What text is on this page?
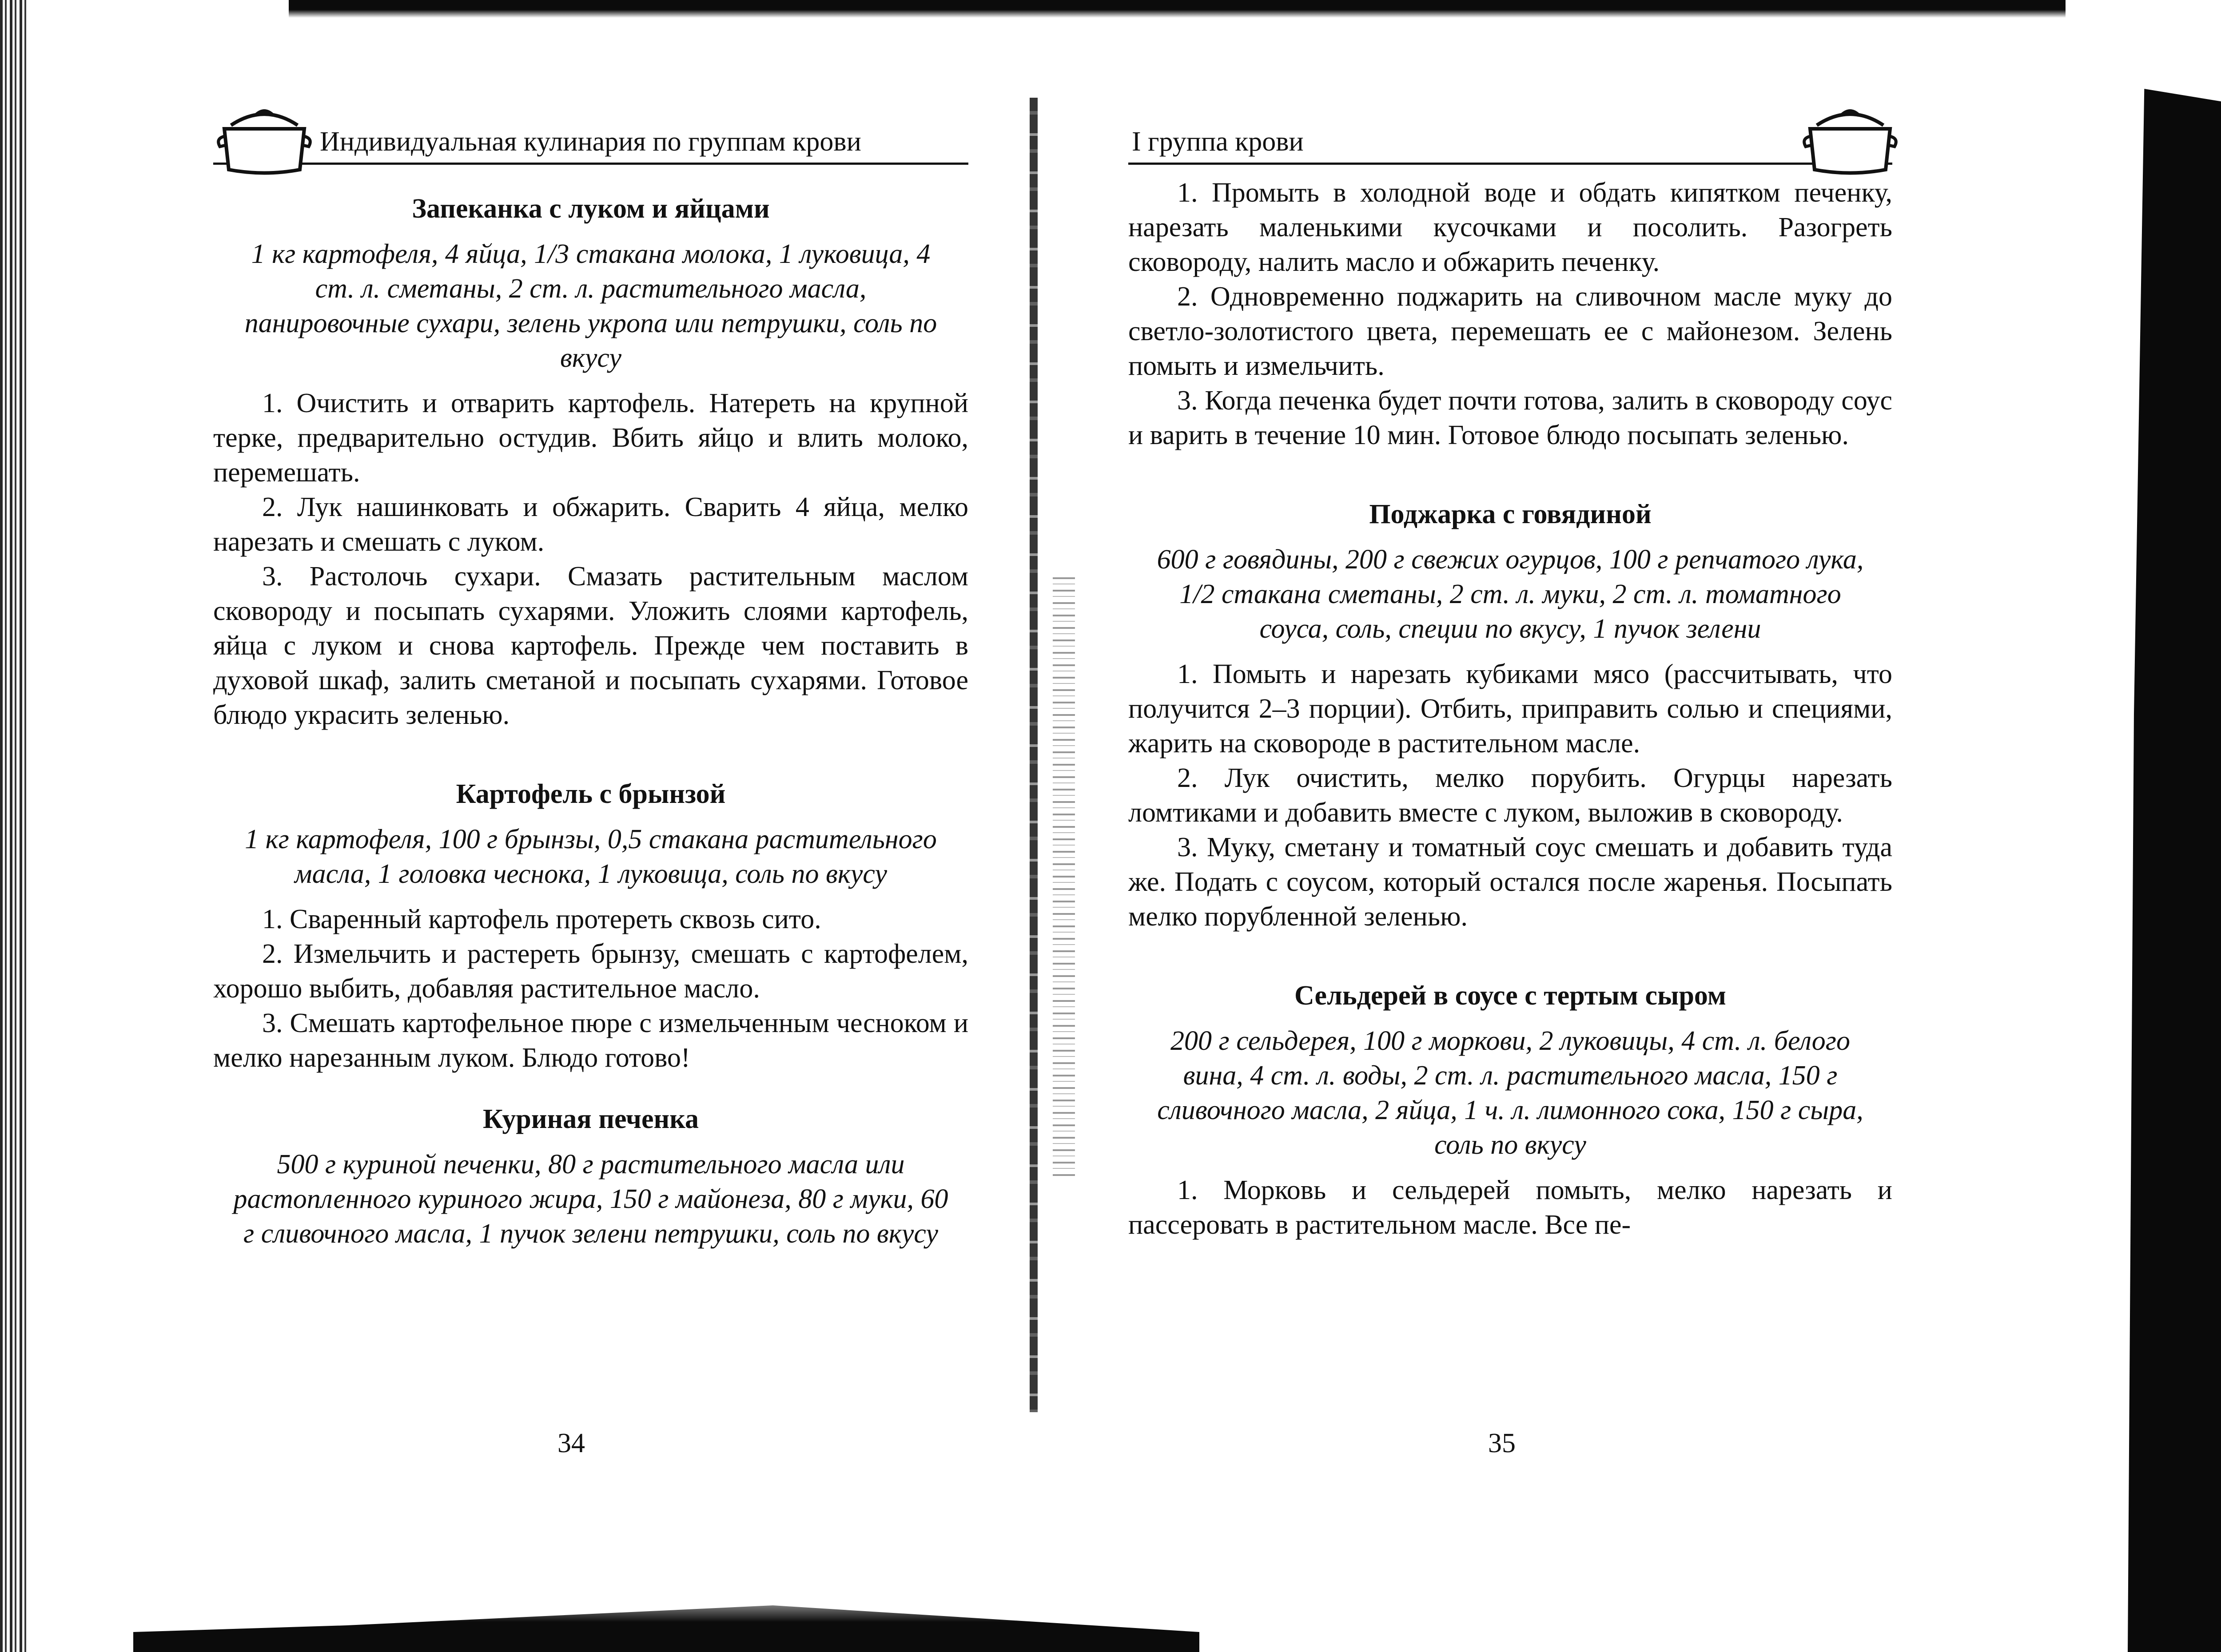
Индивидуальная кулинария по группам крови
Запеканка с луком и яйцами
1 кг картофеля, 4 яйца, 1/3 стакана молока, 1 луковица, 4 ст. л. сметаны, 2 ст. л. растительного масла, панировочные сухари, зелень укропа или петрушки, соль по вкусу

1. Очистить и отварить картофель. Натереть на крупной терке, предварительно остудив. Вбить яйцо и влить молоко, перемешать.

2. Лук нашинковать и обжарить. Сварить 4 яйца, мелко нарезать и смешать с луком.

3. Растолочь сухари. Смазать растительным маслом сковороду и посыпать сухарями. Уложить слоями картофель, яйца с луком и снова картофель. Прежде чем поставить в духовой шкаф, залить сметаной и посыпать сухарями. Готовое блюдо украсить зеленью.

Картофель с брынзой
1 кг картофеля, 100 г брынзы, 0,5 стакана растительного масла, 1 головка чеснока, 1 луковица, соль по вкусу

1. Сваренный картофель протереть сквозь сито.

2. Измельчить и растереть брынзу, смешать с картофелем, хорошо выбить, добавляя растительное масло.

3. Смешать картофельное пюре с измельченным чесноком и мелко нарезанным луком. Блюдо готово!

Куриная печенка
500 г куриной печенки, 80 г растительного масла или растопленного куриного жира, 150 г майонеза, 80 г муки, 60 г сливочного масла, 1 пучок зелени петрушки, соль по вкусу
34
I группа крови

1. Промыть в холодной воде и обдать кипятком печенку, нарезать маленькими кусочками и посолить. Разогреть сковороду, налить масло и обжарить печенку.

2. Одновременно поджарить на сливочном масле муку до светло-золотистого цвета, перемешать ее с майонезом. Зелень помыть и измельчить.

3. Когда печенка будет почти готова, залить в сковороду соус и варить в течение 10 мин. Готовое блюдо посыпать зеленью.

Поджарка с говядиной
600 г говядины, 200 г свежих огурцов, 100 г репчатого лука, 1/2 стакана сметаны, 2 ст. л. муки, 2 ст. л. томатного соуса, соль, специи по вкусу, 1 пучок зелени

1. Помыть и нарезать кубиками мясо (рассчитывать, что получится 2–3 порции). Отбить, приправить солью и специями, жарить на сковороде в растительном масле.

2. Лук очистить, мелко порубить. Огурцы нарезать ломтиками и добавить вместе с луком, выложив в сковороду.

3. Муку, сметану и томатный соус смешать и добавить туда же. Подать с соусом, который остался после жаренья. Посыпать мелко порубленной зеленью.

Сельдерей в соусе с тертым сыром
200 г сельдерея, 100 г моркови, 2 луковицы, 4 ст. л. белого вина, 4 ст. л. воды, 2 ст. л. растительного масла, 150 г сливочного масла, 2 яйца, 1 ч. л. лимонного сока, 150 г сыра, соль по вкусу

1. Морковь и сельдерей помыть, мелко нарезать и пассеровать в растительном масле. Все пе-

35
